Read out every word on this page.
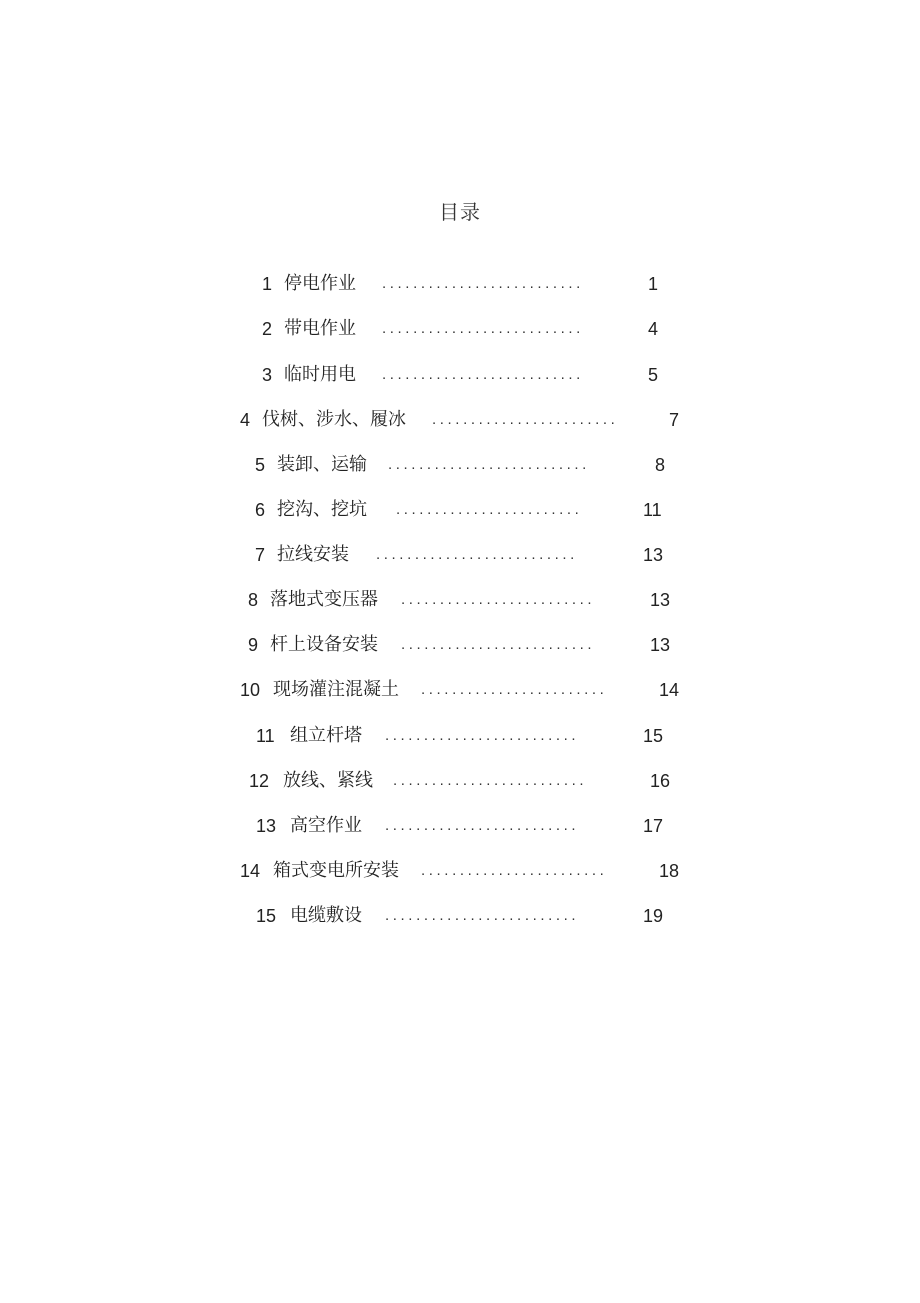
目录
1 停电作业 ..........................	1
2 带电作业 ..........................	4
3 临时用电 ..........................	5
4 伐树、涉水、履冰 ........................	7
5 装卸、运输 ..........................	8
6 挖沟、挖坑 ........................	11
7 拉线安装 ..........................	13
8 落地式变压器 .........................	13
9 杆上设备安装 .........................	13
10 现场灌注混凝土 ........................	14
11 组立杆塔 .........................	15
12 放线、紧线 .........................	16
13 高空作业 .........................	17
14 箱式变电所安装 ........................	18
15 电缆敷设 .........................	19
